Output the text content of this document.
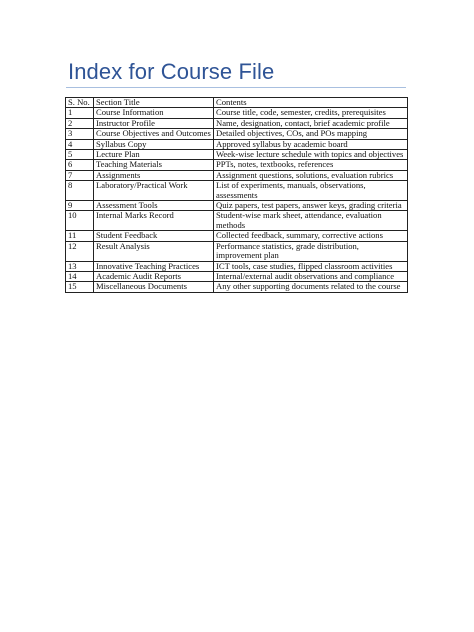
Index for Course File
S. No.	Section Title	Contents
1	Course Information	Course title, code, semester, credits, prerequisites
2	Instructor Profile	Name, designation, contact, brief academic profile
3	Course Objectives and Outcomes	Detailed objectives, COs, and POs mapping
4	Syllabus Copy	Approved syllabus by academic board
5	Lecture Plan	Week-wise lecture schedule with topics and objectives
6	Teaching Materials	PPTs, notes, textbooks, references
7	Assignments	Assignment questions, solutions, evaluation rubrics
8	Laboratory/Practical Work	List of experiments, manuals, observations, assessments
9	Assessment Tools	Quiz papers, test papers, answer keys, grading criteria
10	Internal Marks Record	Student-wise mark sheet, attendance, evaluation methods
11	Student Feedback	Collected feedback, summary, corrective actions
12	Result Analysis	Performance statistics, grade distribution, improvement plan
13	Innovative Teaching Practices	ICT tools, case studies, flipped classroom activities
14	Academic Audit Reports	Internal/external audit observations and compliance
15	Miscellaneous Documents	Any other supporting documents related to the course
